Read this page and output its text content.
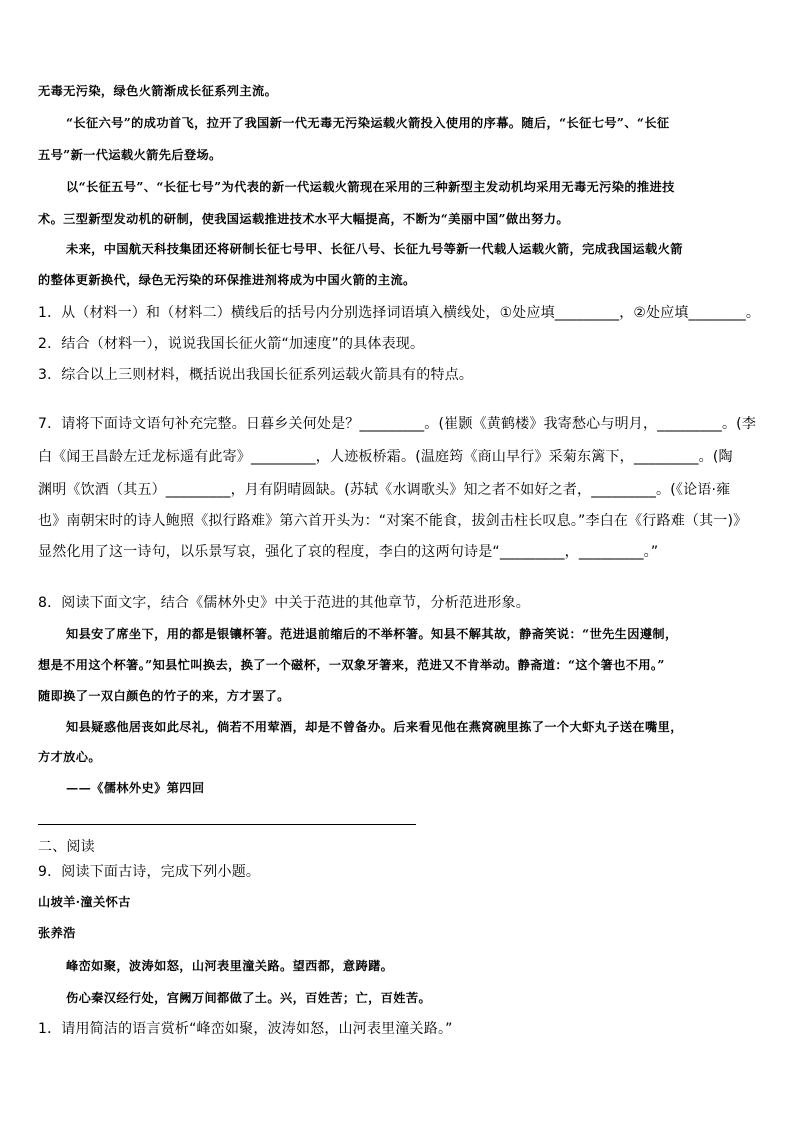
无毒无污染，绿色火箭渐成长征系列主流。
“长征六号”的成功首飞，拉开了我国新一代无毒无污染运载火箭投入使用的序幕。随后，“长征七号”、“长征
五号”新一代运载火箭先后登场。
以“长征五号”、“长征七号”为代表的新一代运载火箭现在采用的三种新型主发动机均采用无毒无污染的推进技
术。三型新型发动机的研制，使我国运载推进技术水平大幅提高，不断为“美丽中国”做出努力。
未来，中国航天科技集团还将研制长征七号甲、长征八号、长征九号等新一代载人运载火箭，完成我国运载火箭
的整体更新换代，绿色无污染的环保推进剂将成为中国火箭的主流。
1．从（材料一）和（材料二）横线后的括号内分别选择词语填入横线处，①处应填_________，②处应填________。
2．结合（材料一），说说我国长征火箭“加速度”的具体表现。
3．综合以上三则材料，概括说出我国长征系列运载火箭具有的特点。
7．请将下面诗文语句补充完整。日暮乡关何处是？_________。(崔颢《黄鹤楼》我寄愁心与明月，_________。(李
白《闻王昌龄左迁龙标遥有此寄》_________，人迹板桥霜。(温庭筠《商山早行》采菊东篱下，_________。(陶
渊明《饮酒（其五）_________，月有阴晴圆缺。(苏轼《水调歌头》知之者不如好之者，_________。(《论语·雍
也》南朝宋时的诗人鲍照《拟行路难》第六首开头为：“对案不能食，拔剑击柱长叹息。”李白在《行路难（其一)》
显然化用了这一诗句，以乐景写哀，强化了哀的程度，李白的这两句诗是“_________，_________。”
8．阅读下面文字，结合《儒林外史》中关于范进的其他章节，分析范进形象。
知县安了席坐下，用的都是银镶杯箸。范进退前缩后的不举杯箸。知县不解其故，静斋笑说：“世先生因遵制，
想是不用这个杯箸。”知县忙叫换去，换了一个磁杯，一双象牙箸来，范进又不肯举动。静斋道：“这个箸也不用。”
随即换了一双白颜色的竹子的来，方才罢了。
知县疑惑他居丧如此尽礼，倘若不用荤酒，却是不曾备办。后来看见他在燕窝碗里拣了一个大虾丸子送在嘴里，
方才放心。
——《儒林外史》第四回
二、阅读
9．阅读下面古诗，完成下列小题。
山坡羊·潼关怀古
张养浩
峰峦如聚，波涛如怒，山河表里潼关路。望西都，意踌躇。
伤心秦汉经行处，宫阙万间都做了土。兴，百姓苦；亡，百姓苦。
1．请用简洁的语言赏析“峰峦如聚，波涛如怒，山河表里潼关路。”
